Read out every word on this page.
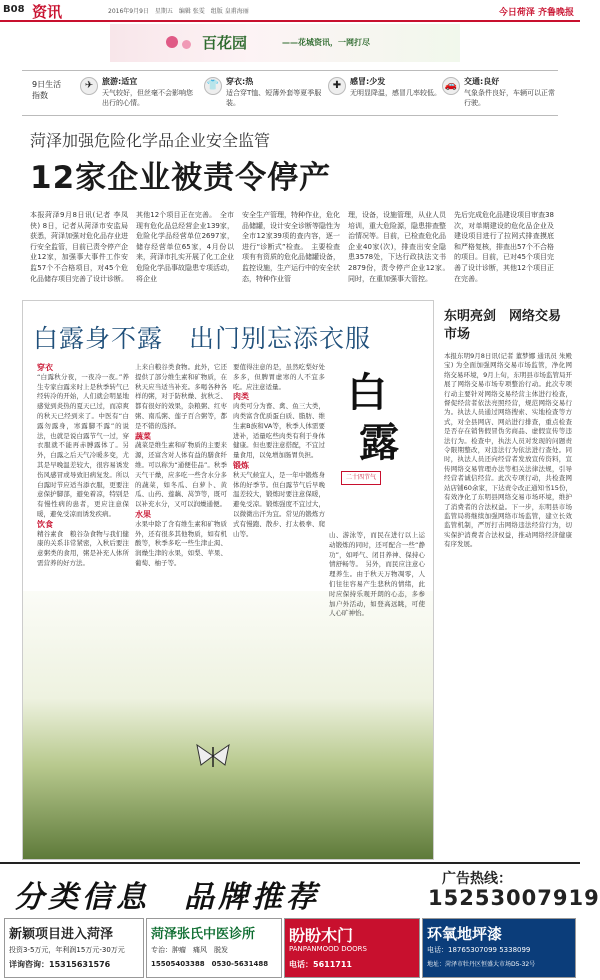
B08 资讯	2016年9月9日　星期五　编辑 张雯　组版 皇甫海丽	今日荷泽 齐鲁晚报
百花园	——花城资讯，一网打尽
9日生活指数
✈	旅游:适宜
天气较好，但丝毫不会影响您出行的心情。
👕 穿衣:热
适合穿T恤、短薄外套等夏季服装。
✚	感冒:少发
无明显降温，感冒几率较低。
🚗 交通:良好
气象条件良好，车辆可以正常行驶。
菏泽加强危险化学品企业安全监管
12家企业被责令停产
本报菏泽9月8日讯(记者 李凤侠) 8日，记者从菏泽市安监局获悉，菏泽加强对危化品存业进行安全监管，目前已责令停产企业12家，加强事大事件工作安监57个不合格项目，对45个危化品储存项目完善了设计诊断。
其他12个项目正在完善。　全市现有危化品总经营企业139家，危险化学品经营单位2697家，储存经营单位65家，4月份以来，菏泽市扎实开展了化工企业危险化学品事故隐患专项活动，将企业
安全生产管理，特种作业，危化品储罐，设计安全诊断等隐性为全市12家39项的查内容，逐一进行“诊断式”检查。　主要检查项有有资质的危化品储罐设备，监控设施，生产运行中的安全状态，特种作业管
理，设备，设施管理，从业人员培训，重大危险源，隐患排查整治情况等。目前，已检查危化品企业40家(次)，排查出安全隐患3578处，下达行政执法文书2879份，责令停产企业12家。　同时，在重加强事大管控。
先后完成危化品建设项目审查38次，对单期建设的危化品企业及建设项目进行了拉网式排查摸底和严格复核，排查出57个不合格的项目。目前，已对45个项目完善了设计诊断，其他12个项目正在完善。
白露身不露　出门别忘添衣服
穿衣
“白露秋分夜，一夜冷一夜。”养生专家白露来时上是秋季转气已经转冷的开始，人们就会明显地感觉到炎热的夏天已过，而凉爽的秋天已经到来了。中医有“白露勿露身，寒露脚不露”的说法，也就是说白露节气一过，穿衣服就不能再赤膊露体了。另外，白露之后天气冷暖多变，尤其是早晚温差较大，很容易诱发伤风感冒或导致旧病复发。所以白露时节应适当添衣服，更要注意保护脚部，避免着凉，特别是有慢性病的患者，更应注意保暖，避免受凉而诱发疾病。
饮食
精谷素食　粮谷杂食物与我们健康的关系非常紧密，入秋后要注意粥类的食用，粥是补充人体所需营养的好方法。
上来自粮谷类食物。此外，它还提供了部分维生素和矿物质，在秋天应当适当补充。多喝各种各样的粥，对于防秋燥、抗秋乏、都有很好的效果，杂粮粥、红枣粥、南瓜粥、莲子百合粥等，都是不错的选择。
蔬菜
蔬菜是维生素和矿物质的主要来源，还富含对人体有益的膳食纤维。可以称为“通便佳品”。秋季天气干燥，应多吃一些含水分多的蔬菜，如冬瓜、白萝卜、黄瓜、山药、莲藕、莴笋等，既可以补充水分，又可以润燥通便。
水果
水果中除了含有维生素和矿物质外，还有很多其他物质，如有机酸等，秋季多吃一些生津止渴、润燥生津的水果，如梨、苹果、葡萄、柚子等。
要值得注意的是，虽然吃梨好处多多，但脾胃虚寒的人不宜多吃。应注意适量。
肉类
肉类可分为畜、禽、鱼三大类，肉类富含优质蛋白质、脂肪、维生素B族和VA等，秋季人体需要进补，适量吃些肉类有利于身体健康。但也要注意搭配，不宜过量食用，以免增加肠胃负担。
锻炼
秋天气候宜人，是一年中锻炼身体的好季节。但白露节气后早晚温差较大，锻炼时要注意保暖，避免受凉。锻炼强度不宜过大，以微微出汗为宜。常见的锻炼方式有慢跑、散步、打太极拳、爬山等。	山、游泳等，而民在进行以上运动锻炼的同时，还可配合一些“静功”，如呼气、闭目养神、保持心情舒畅等。　另外，而民应注意心理养生。由于秋天万物凋零，人们往往容易产生悲秋的情绪，此时应保持乐观开朗的心态，多参加户外活动，如登高远眺，可使人心旷神怡。
白
露
二十四节气
东明亮剑　网络交易市场
本报东明9月8日讯(记者 董梦娜 通讯员 朱殿宝) 为全面加强网络交易市场监管，净化网络交易环境，9月上旬，东明县市场监管局开展了网络交易市场专项整治行动。此次专项行动主要针对网络交易经营主体进行检查，督促经营者依法亮照经营，规范网络交易行为。执法人员通过网络搜索、实地检查等方式，对全县网店、网站进行排查，重点检查是否存在销售假冒伪劣商品、虚假宣传等违法行为。检查中，执法人员对发现的问题责令限期整改，对违法行为依法进行查处。同时，执法人员还向经营者发放宣传资料，宣传网络交易管理办法等相关法律法规，引导经营者诚信经营。此次专项行动，共检查网站店铺60余家，下达责令改正通知书15份，有效净化了东明县网络交易市场环境，维护了消费者的合法权益。下一步，东明县市场监管局将继续加强网络市场监管，建立长效监管机制，严厉打击网络违法经营行为，切实保护消费者合法权益，推动网络经济健康有序发展。
分类信息　品牌推荐
广告热线：
15253007919
新颖项目进入菏泽
投资3-5万元，年利润15万元-30万元
详询咨询：15315631576
菏泽张氏中医诊所
专治：肿瘤　痛风　脱发
15505403388　0530-5631488
盼盼木门
PANPANMOOD DOORS
电话：5611711
环氧地坪漆
电话：18765307099 5338099
地址：菏泽市牡丹区恒盛大市场D5-32号
